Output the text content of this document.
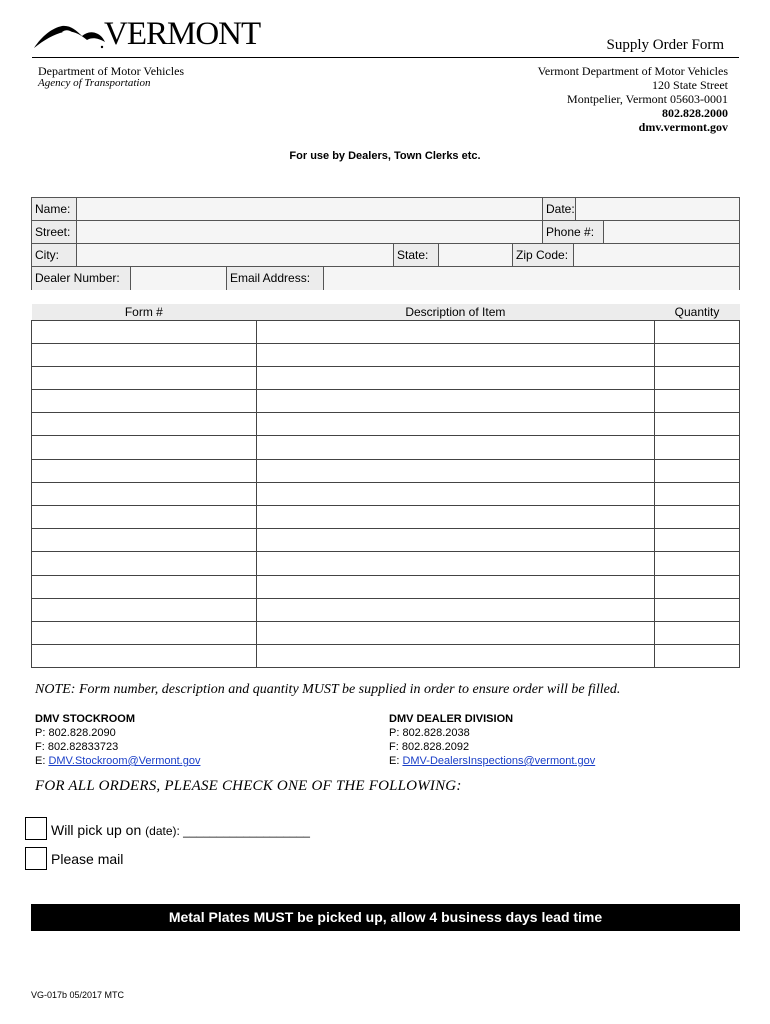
VERMONT	Supply Order Form
Department of Motor Vehicles
Agency of Transportation
Vermont Department of Motor Vehicles
120 State Street
Montpelier, Vermont 05603-0001
802.828.2000
dmv.vermont.gov
For use by Dealers, Town Clerks etc.
Name:	Date:
Street:	Phone #:
City:	State:	Zip Code:
Dealer Number:	Email Address:
Form #	Description of Item	Quantity

NOTE: Form number, description and quantity MUST be supplied in order to ensure order will be filled.
DMV STOCKROOM
P: 802.828.2090
F: 802.82833723
E: DMV.Stockroom@Vermont.gov
DMV DEALER DIVISION
P: 802.828.2038
F: 802.828.2092
E: DMV-DealersInspections@vermont.gov
FOR ALL ORDERS, PLEASE CHECK ONE OF THE FOLLOWING:
Will pick up on (date): ___________________
Please mail
Metal Plates MUST be picked up, allow 4 business days lead time
VG-017b 05/2017 MTC
